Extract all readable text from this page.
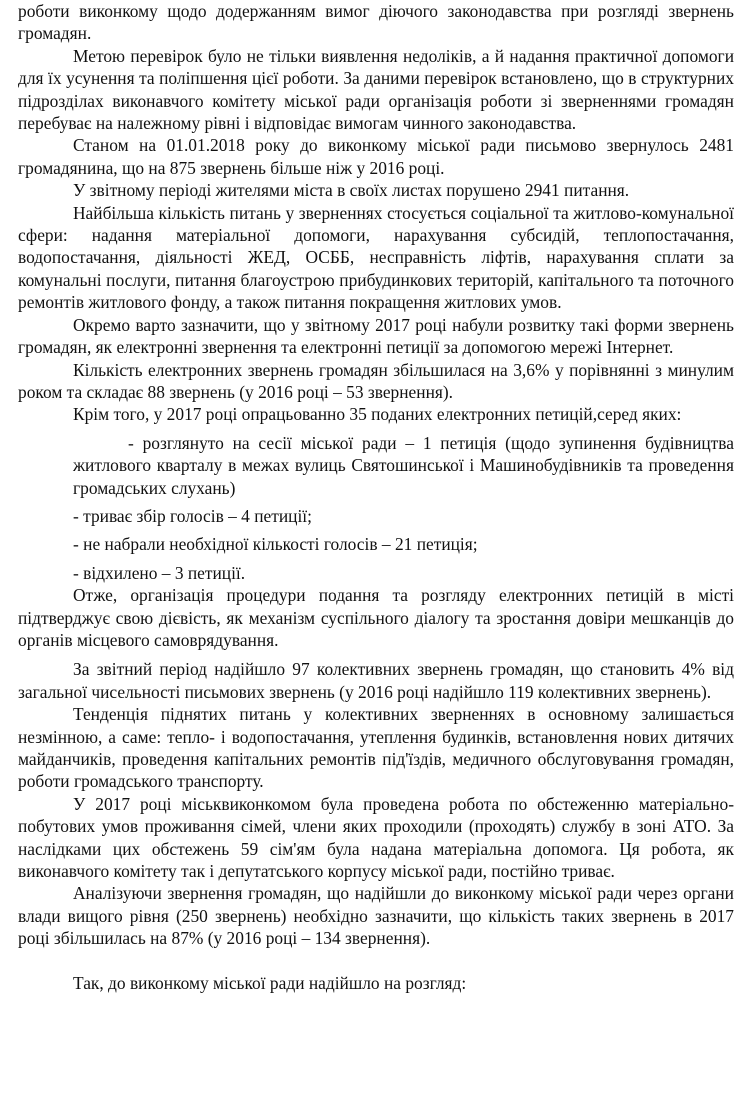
роботи виконкому щодо додержанням вимог діючого законодавства при розгляді звернень громадян.

Метою перевірок було не тільки виявлення недоліків, а й надання практичної допомоги для їх усунення та поліпшення цієї роботи. За даними перевірок встановлено, що в структурних підрозділах виконавчого комітету міської ради організація роботи зі зверненнями громадян перебуває на належному рівні і відповідає вимогам чинного законодавства.

Станом на 01.01.2018 року до виконкому міської ради письмово звернулось 2481 громадянина, що на 875 звернень більше ніж у 2016 році.

У звітному періоді жителями міста в своїх листах порушено 2941 питання.

Найбільша кількість питань у зверненнях стосується соціальної та житлово-комунальної сфери: надання матеріальної допомоги, нарахування субсидій, теплопостачання, водопостачання, діяльності ЖЕД, ОСББ, несправність ліфтів, нарахування сплати за комунальні послуги, питання благоустрою прибудинкових територій, капітального та поточного ремонтів житлового фонду, а також питання покращення житлових умов.

Окремо варто зазначити, що у звітному 2017 році набули розвитку такі форми звернень громадян, як електронні звернення та електронні петиції за допомогою мережі Інтернет.

Кількість електронних звернень громадян збільшилася на 3,6% у порівнянні з минулим роком та складає 88 звернень (у 2016 році – 53 звернення).

Крім того, у 2017 році опрацьованно 35 поданих електронних петицій,серед яких:

- розглянуто на сесії міської ради – 1 петиція (щодо зупинення будівництва житлового кварталу в межах вулиць Святошинської і Машинобудівників та проведення громадських слухань)

- триває збір голосів – 4 петиції;

- не набрали необхідної кількості голосів – 21 петиція;

- відхилено – 3 петиції.

Отже, організація процедури подання та розгляду електронних петицій в місті підтверджує свою дієвість, як механізм суспільного діалогу та зростання довіри мешканців до органів місцевого самоврядування.

За звітний період надійшло 97 колективних звернень громадян, що становить 4% від загальної чисельності письмових звернень (у 2016 році надійшло 119 колективних звернень).

Тенденція піднятих питань у колективних зверненнях в основному залишається незмінною, а саме: тепло- і водопостачання, утеплення будинків, встановлення нових дитячих майданчиків, проведення капітальних ремонтів під'їздів, медичного обслуговування громадян, роботи громадського транспорту.

У 2017 році міськвиконкомом була проведена робота по обстеженню матеріально-побутових умов проживання сімей, члени яких проходили (проходять) службу в зоні АТО. За наслідками цих обстежень 59 сім'ям була надана матеріальна допомога. Ця робота, як виконавчого комітету так і депутатського корпусу міської ради, постійно триває.

Аналізуючи звернення громадян, що надійшли до виконкому міської ради через органи влади вищого рівня (250 звернень) необхідно зазначити, що кількість таких звернень в 2017 році збільшилась на 87% (у 2016 році – 134 звернення).

Так, до виконкому міської ради надійшло на розгляд:
